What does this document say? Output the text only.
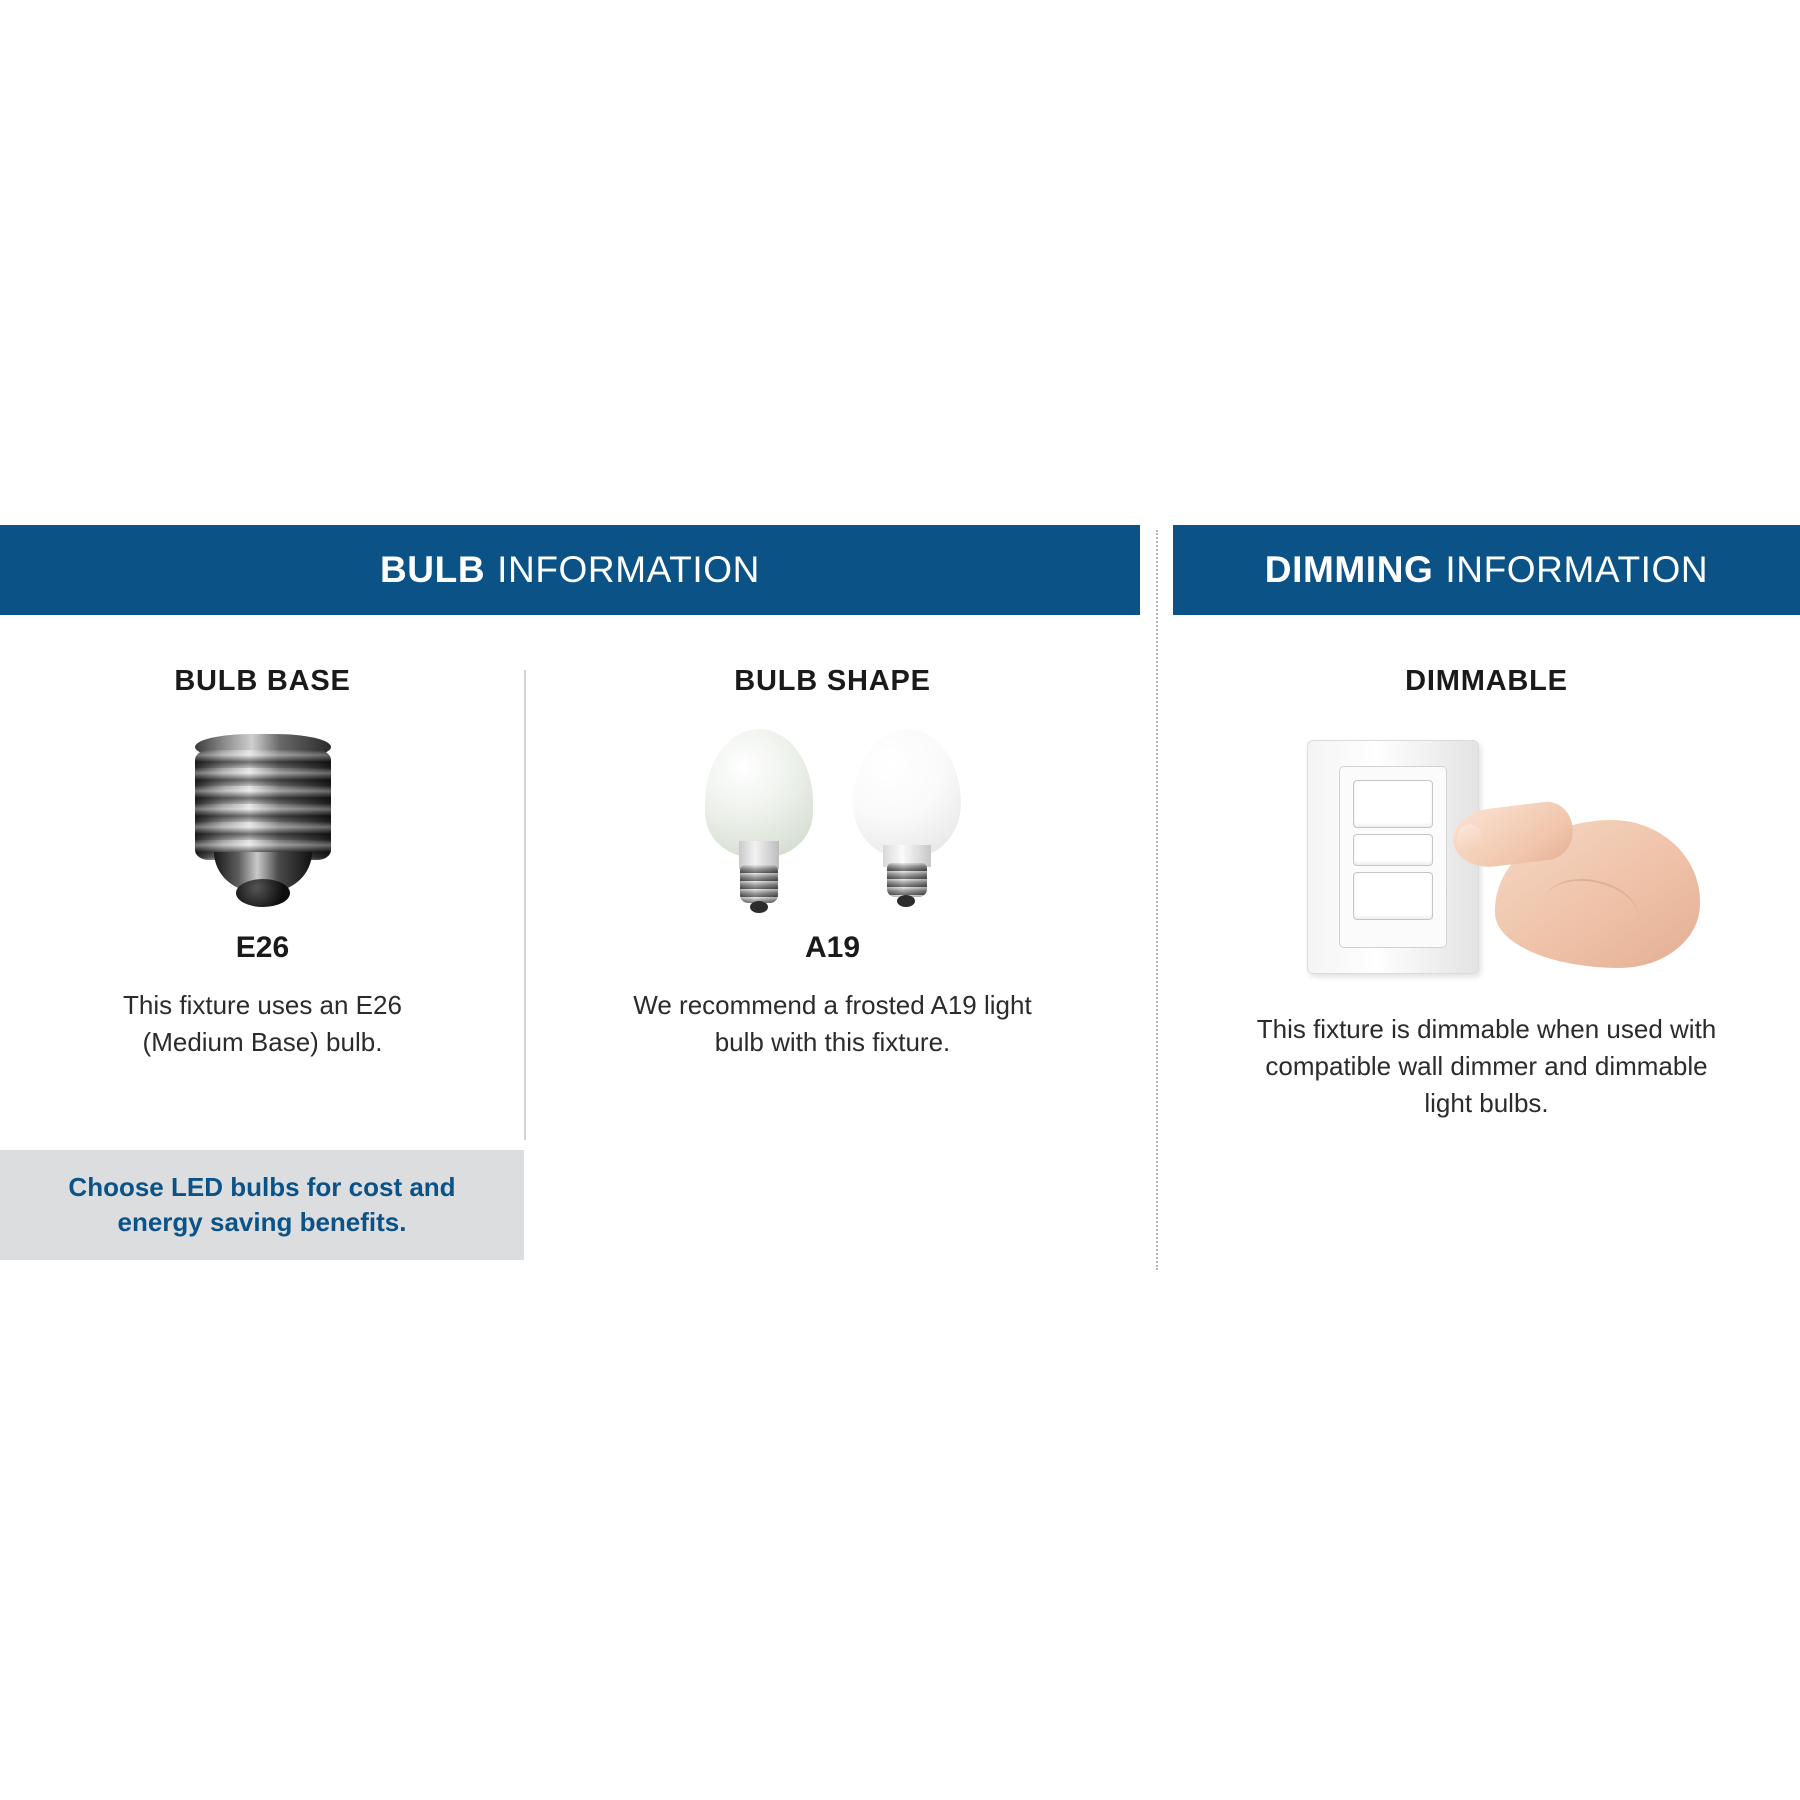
BULB INFORMATION
BULB BASE
E26
This fixture uses an E26 (Medium Base) bulb.
BULB SHAPE
A19
We recommend a frosted A19 light bulb with this fixture.
Choose LED bulbs for cost and energy saving benefits.
DIMMING INFORMATION
DIMMABLE
This fixture is dimmable when used with compatible wall dimmer and dimmable light bulbs.
